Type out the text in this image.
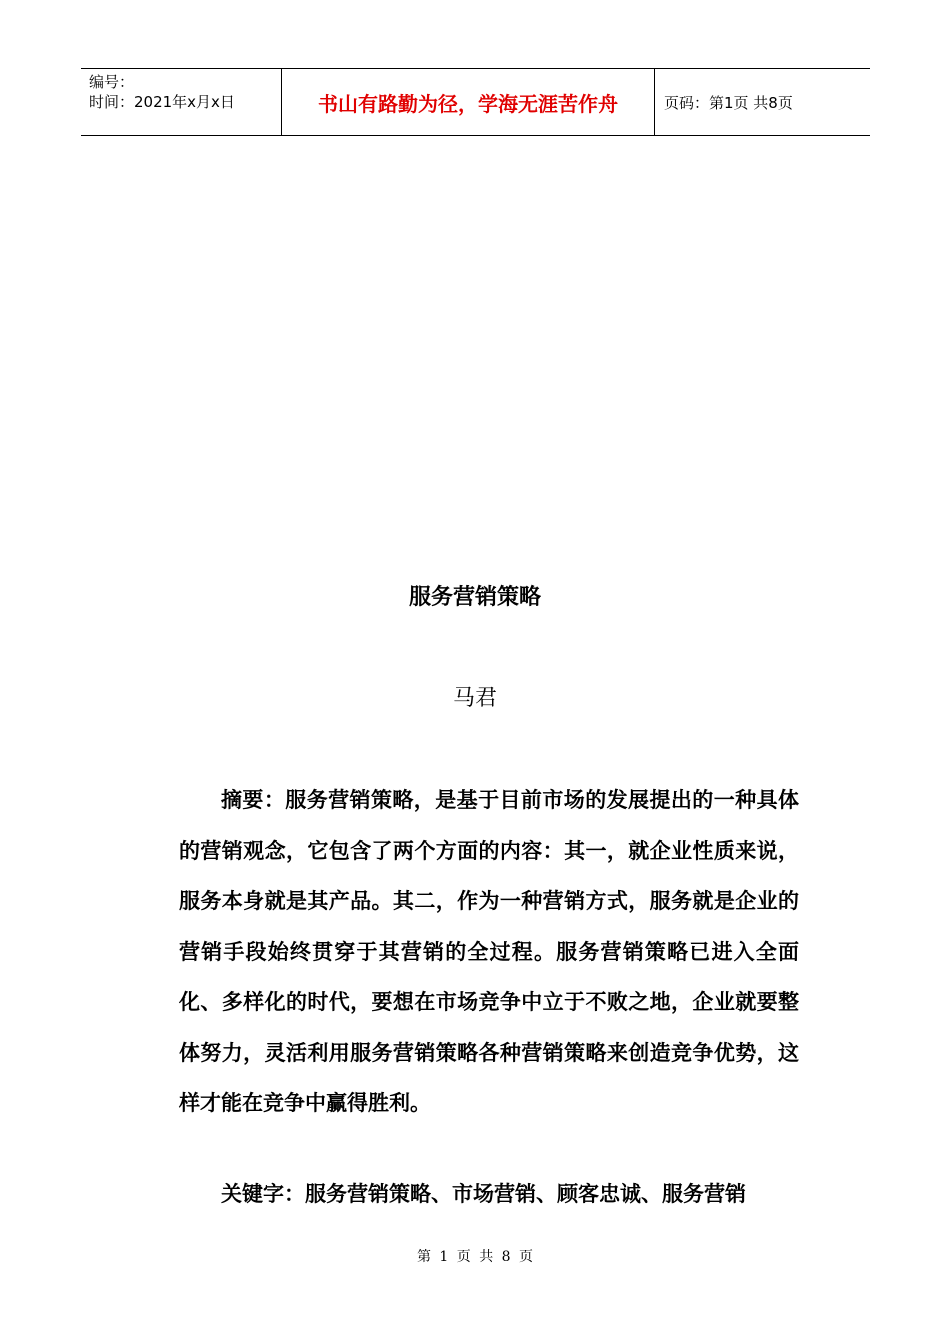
编号：
时间：2021年x月x日	书山有路勤为径，学海无涯苦作舟	页码：第1页 共8页
服务营销策略
马君

摘要：服务营销策略，是基于目前市场的发展提出的一种具体的营销观念，它包含了两个方面的内容：其一，就企业性质来说，服务本身就是其产品。其二，作为一种营销方式，服务就是企业的营销手段始终贯穿于其营销的全过程。服务营销策略已进入全面化、多样化的时代，要想在市场竞争中立于不败之地，企业就要整体努力，灵活利用服务营销策略各种营销策略来创造竞争优势，这样才能在竞争中赢得胜利。

关键字：服务营销策略、市场营销、顾客忠诚、服务营销

第 1 页 共 8 页
